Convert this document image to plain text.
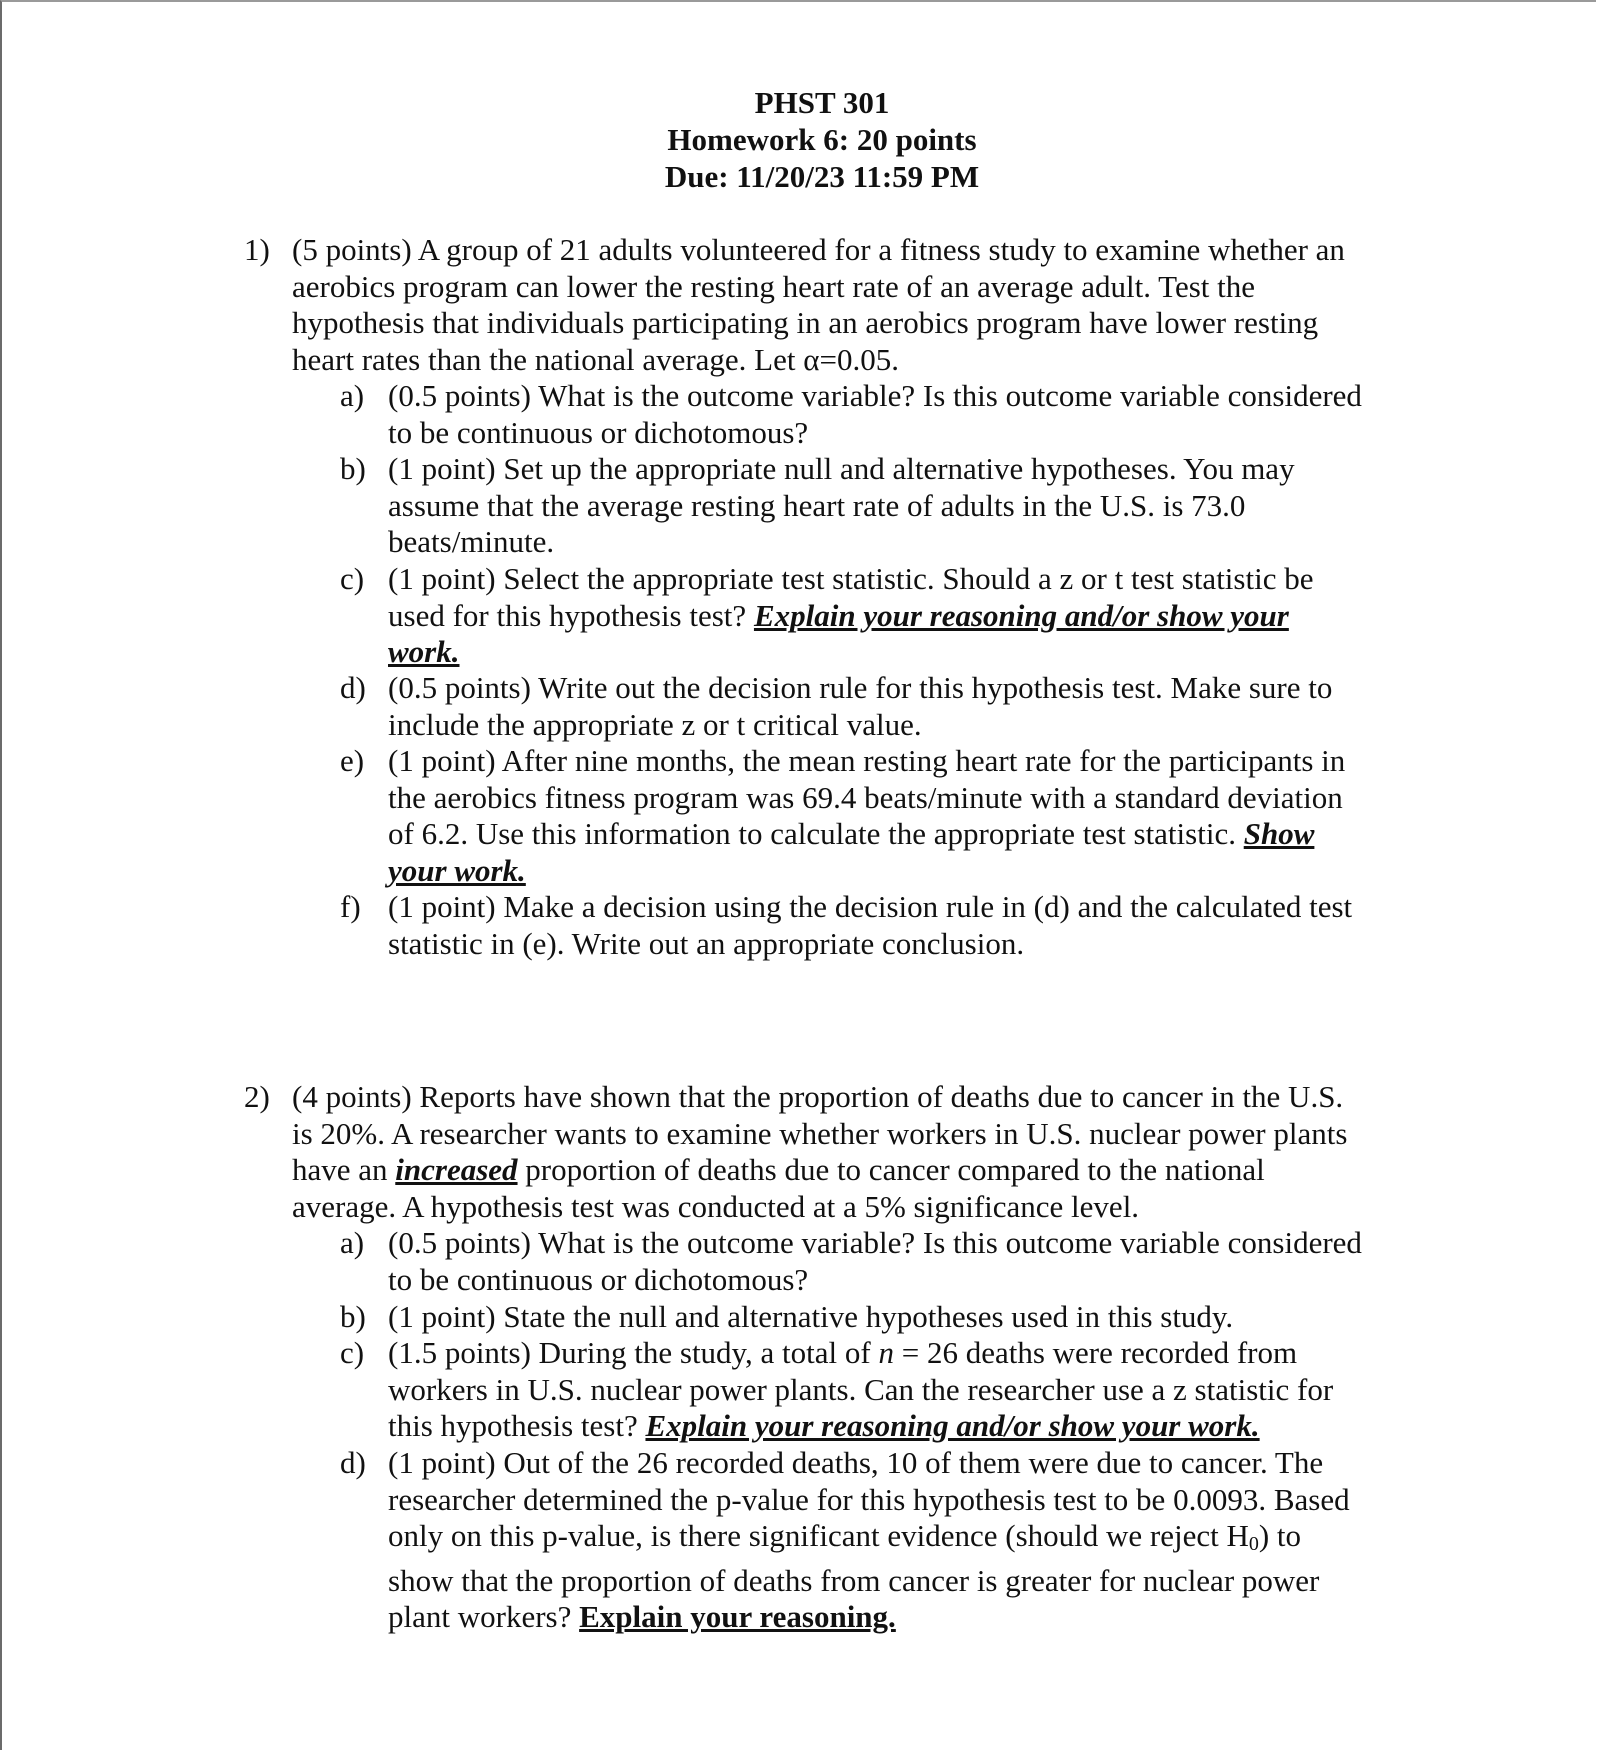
PHST 301
Homework 6: 20 points
Due: 11/20/23 11:59 PM
1) (5 points) A group of 21 adults volunteered for a fitness study to examine whether an
aerobics program can lower the resting heart rate of an average adult. Test the
hypothesis that individuals participating in an aerobics program have lower resting
heart rates than the national average. Let α=0.05.
a) (0.5 points) What is the outcome variable? Is this outcome variable considered
to be continuous or dichotomous?
b) (1 point) Set up the appropriate null and alternative hypotheses. You may
assume that the average resting heart rate of adults in the U.S. is 73.0
beats/minute.
c) (1 point) Select the appropriate test statistic. Should a z or t test statistic be
used for this hypothesis test? Explain your reasoning and/or show your
work.
d) (0.5 points) Write out the decision rule for this hypothesis test. Make sure to
include the appropriate z or t critical value.
e) (1 point) After nine months, the mean resting heart rate for the participants in
the aerobics fitness program was 69.4 beats/minute with a standard deviation
of 6.2. Use this information to calculate the appropriate test statistic. Show
your work.
f) (1 point) Make a decision using the decision rule in (d) and the calculated test
statistic in (e). Write out an appropriate conclusion.
2) (4 points) Reports have shown that the proportion of deaths due to cancer in the U.S.
is 20%. A researcher wants to examine whether workers in U.S. nuclear power plants
have an increased proportion of deaths due to cancer compared to the national
average. A hypothesis test was conducted at a 5% significance level.
a) (0.5 points) What is the outcome variable? Is this outcome variable considered
to be continuous or dichotomous?
b) (1 point) State the null and alternative hypotheses used in this study.
c) (1.5 points) During the study, a total of n = 26 deaths were recorded from
workers in U.S. nuclear power plants. Can the researcher use a z statistic for
this hypothesis test? Explain your reasoning and/or show your work.
d) (1 point) Out of the 26 recorded deaths, 10 of them were due to cancer. The
researcher determined the p-value for this hypothesis test to be 0.0093. Based
only on this p-value, is there significant evidence (should we reject $H_0$) to
show that the proportion of deaths from cancer is greater for nuclear power
plant workers? Explain your reasoning.
